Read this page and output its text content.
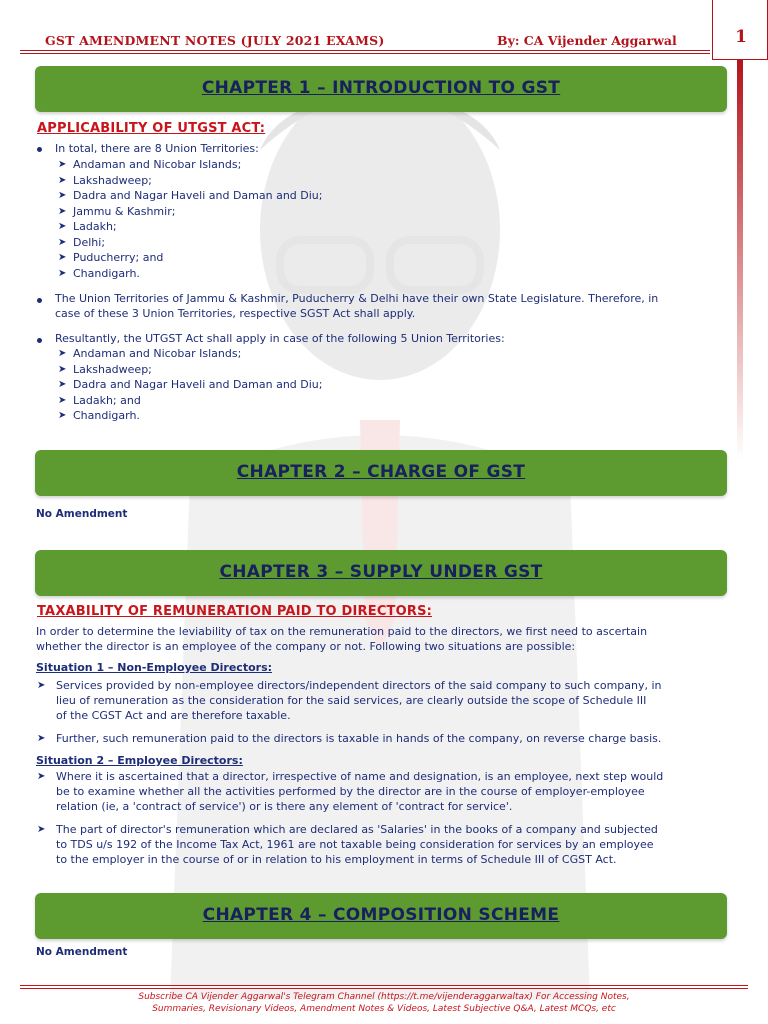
GST AMENDMENT NOTES (JULY 2021 EXAMS)	By: CA Vijender Aggarwal	1
CHAPTER 1 – INTRODUCTION TO GST
APPLICABILITY OF UTGST ACT:
In total, there are 8 Union Territories:
➤ Andaman and Nicobar Islands;
➤ Lakshadweep;
➤ Dadra and Nagar Haveli and Daman and Diu;
➤ Jammu & Kashmir;
➤ Ladakh;
➤ Delhi;
➤ Puducherry; and
➤ Chandigarh.
The Union Territories of Jammu & Kashmir, Puducherry & Delhi have their own State Legislature. Therefore, in
case of these 3 Union Territories, respective SGST Act shall apply.
Resultantly, the UTGST Act shall apply in case of the following 5 Union Territories:
➤ Andaman and Nicobar Islands;
➤ Lakshadweep;
➤ Dadra and Nagar Haveli and Daman and Diu;
➤ Ladakh; and
➤ Chandigarh.
CHAPTER 2 – CHARGE OF GST
No Amendment
CHAPTER 3 – SUPPLY UNDER GST
TAXABILITY OF REMUNERATION PAID TO DIRECTORS:
In order to determine the leviability of tax on the remuneration paid to the directors, we first need to ascertain
whether the director is an employee of the company or not. Following two situations are possible:
Situation 1 – Non-Employee Directors:
➤ Services provided by non-employee directors/independent directors of the said company to such company, in
lieu of remuneration as the consideration for the said services, are clearly outside the scope of Schedule III
of the CGST Act and are therefore taxable.
➤ Further, such remuneration paid to the directors is taxable in hands of the company, on reverse charge basis.
Situation 2 – Employee Directors:
➤ Where it is ascertained that a director, irrespective of name and designation, is an employee, next step would
be to examine whether all the activities performed by the director are in the course of employer-employee
relation (ie, a 'contract of service') or is there any element of 'contract for service'.
➤ The part of director's remuneration which are declared as 'Salaries' in the books of a company and subjected
to TDS u/s 192 of the Income Tax Act, 1961 are not taxable being consideration for services by an employee
to the employer in the course of or in relation to his employment in terms of Schedule III of CGST Act.
CHAPTER 4 – COMPOSITION SCHEME
No Amendment
Subscribe CA Vijender Aggarwal's Telegram Channel (https://t.me/vijenderaggarwaltax) For Accessing Notes,
Summaries, Revisionary Videos, Amendment Notes & Videos, Latest Subjective Q&A, Latest MCQs, etc
